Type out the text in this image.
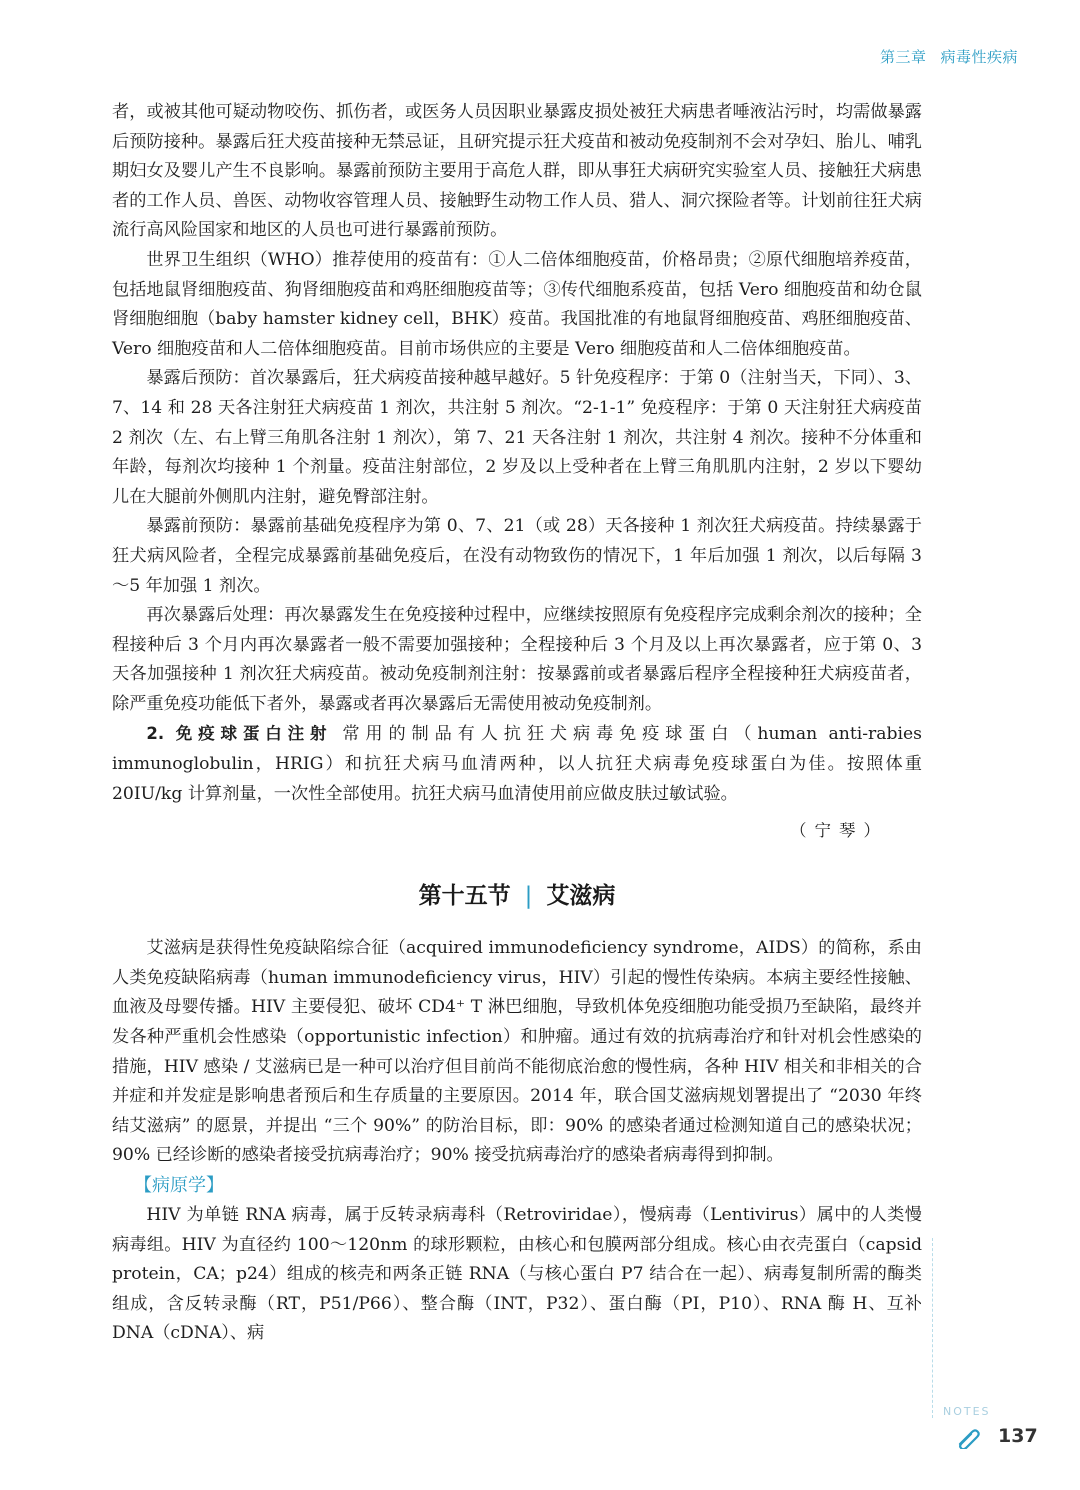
第三章 病毒性疾病

者，或被其他可疑动物咬伤、抓伤者，或医务人员因职业暴露皮损处被狂犬病患者唾液沾污时，均需做暴露后预防接种。暴露后狂犬疫苗接种无禁忌证，且研究提示狂犬疫苗和被动免疫制剂不会对孕妇、胎儿、哺乳期妇女及婴儿产生不良影响。暴露前预防主要用于高危人群，即从事狂犬病研究实验室人员、接触狂犬病患者的工作人员、兽医、动物收容管理人员、接触野生动物工作人员、猎人、洞穴探险者等。计划前往狂犬病流行高风险国家和地区的人员也可进行暴露前预防。

世界卫生组织（WHO）推荐使用的疫苗有：①人二倍体细胞疫苗，价格昂贵；②原代细胞培养疫苗，包括地鼠肾细胞疫苗、狗肾细胞疫苗和鸡胚细胞疫苗等；③传代细胞系疫苗，包括 Vero 细胞疫苗和幼仓鼠肾细胞细胞（baby hamster kidney cell，BHK）疫苗。我国批准的有地鼠肾细胞疫苗、鸡胚细胞疫苗、Vero 细胞疫苗和人二倍体细胞疫苗。目前市场供应的主要是 Vero 细胞疫苗和人二倍体细胞疫苗。

暴露后预防：首次暴露后，狂犬病疫苗接种越早越好。5 针免疫程序：于第 0（注射当天，下同）、3、7、14 和 28 天各注射狂犬病疫苗 1 剂次，共注射 5 剂次。“2-1-1” 免疫程序：于第 0 天注射狂犬病疫苗 2 剂次（左、右上臂三角肌各注射 1 剂次），第 7、21 天各注射 1 剂次，共注射 4 剂次。接种不分体重和年龄，每剂次均接种 1 个剂量。疫苗注射部位，2 岁及以上受种者在上臂三角肌肌内注射，2 岁以下婴幼儿在大腿前外侧肌内注射，避免臀部注射。

暴露前预防：暴露前基础免疫程序为第 0、7、21（或 28）天各接种 1 剂次狂犬病疫苗。持续暴露于狂犬病风险者，全程完成暴露前基础免疫后，在没有动物致伤的情况下，1 年后加强 1 剂次，以后每隔 3～5 年加强 1 剂次。

再次暴露后处理：再次暴露发生在免疫接种过程中，应继续按照原有免疫程序完成剩余剂次的接种；全程接种后 3 个月内再次暴露者一般不需要加强接种；全程接种后 3 个月及以上再次暴露者，应于第 0、3 天各加强接种 1 剂次狂犬病疫苗。被动免疫制剂注射：按暴露前或者暴露后程序全程接种狂犬病疫苗者，除严重免疫功能低下者外，暴露或者再次暴露后无需使用被动免疫制剂。

2. 免疫球蛋白注射 常用的制品有人抗狂犬病毒免疫球蛋白（human anti-rabies immunoglobulin，HRIG）和抗狂犬病马血清两种，以人抗狂犬病毒免疫球蛋白为佳。按照体重 20IU/kg 计算剂量，一次性全部使用。抗狂犬病马血清使用前应做皮肤过敏试验。

（宁琴）
第十五节 | 艾滋病

艾滋病是获得性免疫缺陷综合征（acquired immunodeficiency syndrome，AIDS）的简称，系由人类免疫缺陷病毒（human immunodeficiency virus，HIV）引起的慢性传染病。本病主要经性接触、血液及母婴传播。HIV 主要侵犯、破坏 CD4⁺ T 淋巴细胞，导致机体免疫细胞功能受损乃至缺陷，最终并发各种严重机会性感染（opportunistic infection）和肿瘤。通过有效的抗病毒治疗和针对机会性感染的措施，HIV 感染 / 艾滋病已是一种可以治疗但目前尚不能彻底治愈的慢性病，各种 HIV 相关和非相关的合并症和并发症是影响患者预后和生存质量的主要原因。2014 年，联合国艾滋病规划署提出了 “2030 年终结艾滋病” 的愿景，并提出 “三个 90%” 的防治目标，即：90% 的感染者通过检测知道自己的感染状况；90% 已经诊断的感染者接受抗病毒治疗；90% 接受抗病毒治疗的感染者病毒得到抑制。

【病原学】

HIV 为单链 RNA 病毒，属于反转录病毒科（Retroviridae），慢病毒（Lentivirus）属中的人类慢病毒组。HIV 为直径约 100～120nm 的球形颗粒，由核心和包膜两部分组成。核心由衣壳蛋白（capsid protein，CA；p24）组成的核壳和两条正链 RNA（与核心蛋白 P7 结合在一起）、病毒复制所需的酶类组成，含反转录酶（RT，P51/P66）、整合酶（INT，P32）、蛋白酶（PI，P10）、RNA 酶 H、互补 DNA（cDNA）、病

NOTES
137
